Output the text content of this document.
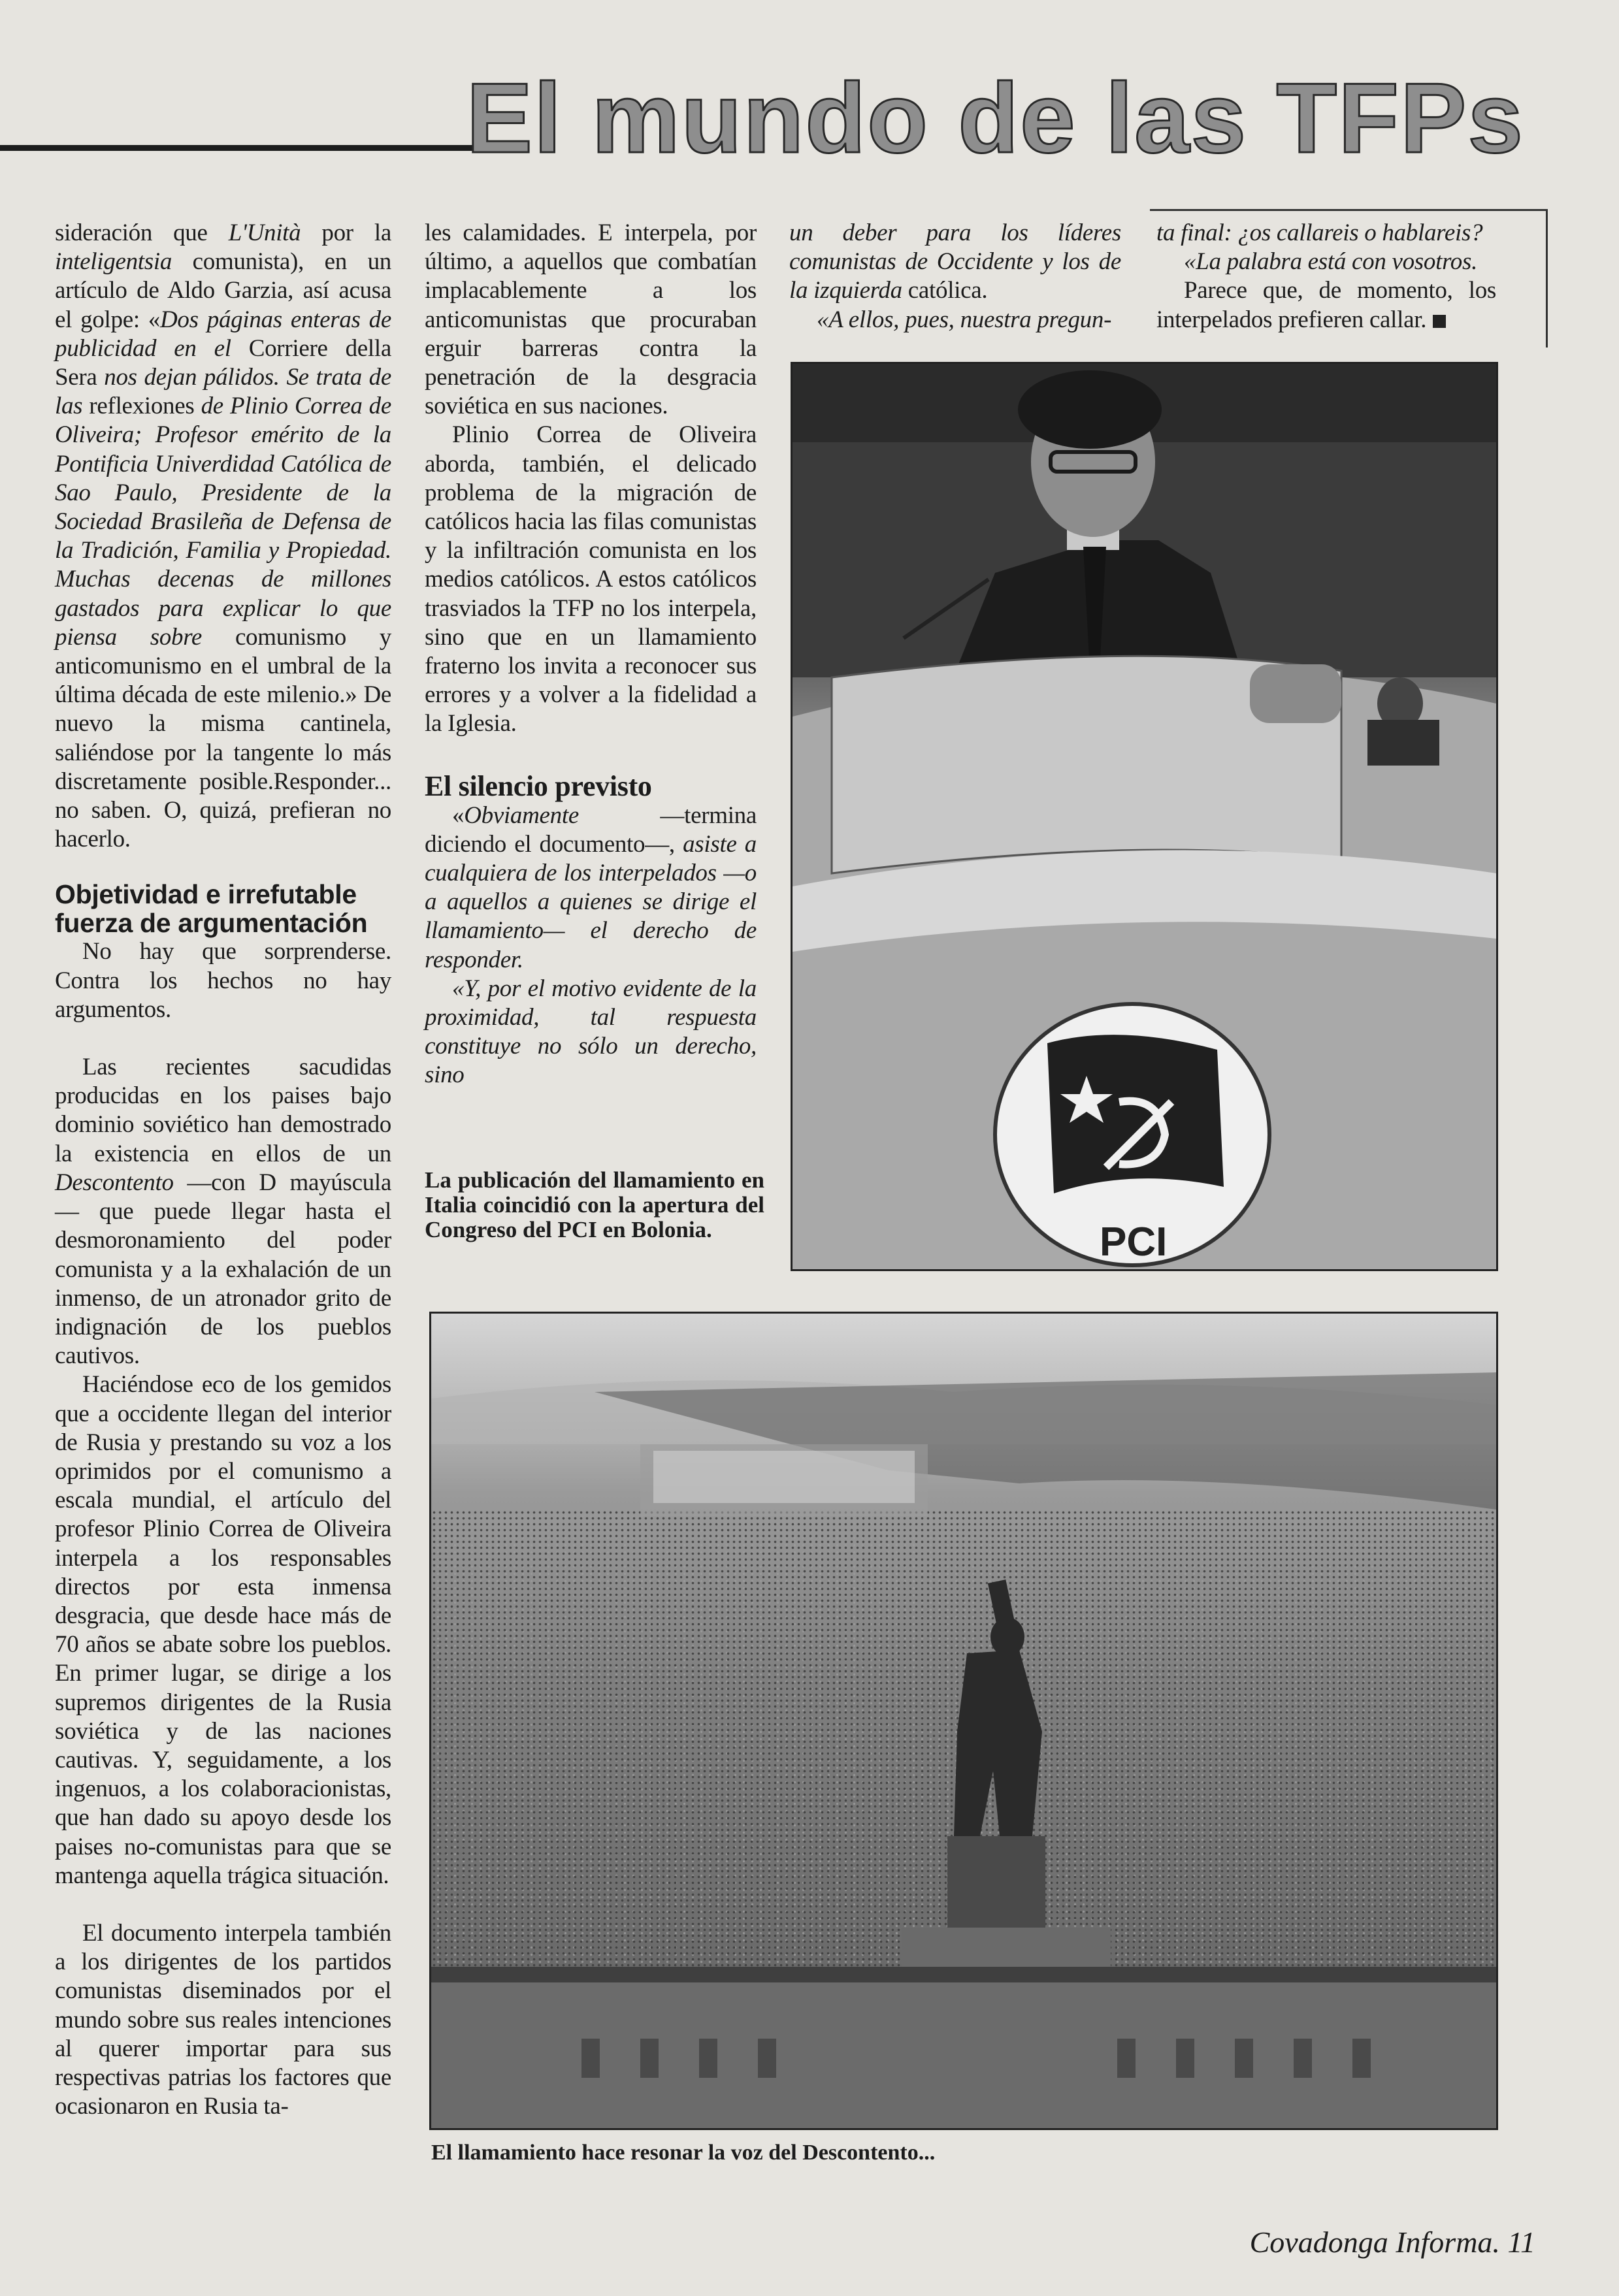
El mundo de las TFPs

sideración que L'Unità por la inteligentsia comunista), en un artículo de Aldo Garzia, así acusa el golpe: «Dos páginas enteras de publicidad en el Corriere della Sera nos dejan pálidos. Se trata de las reflexiones de Plinio Correa de Oliveira; Profesor emérito de la Pontificia Univerdidad Católica de Sao Paulo, Presidente de la Sociedad Brasileña de Defensa de la Tradición, Familia y Propiedad. Muchas decenas de millones gastados para explicar lo que piensa sobre comunismo y anticomunismo en el umbral de la última década de este milenio.» De nuevo la misma cantinela, saliéndose por la tangente lo más discretamente posible.Responder... no saben. O, quizá, prefieran no hacerlo.

Objetividad e irrefutable fuerza de argumentación

No hay que sorprenderse. Contra los hechos no hay argumentos.

Las recientes sacudidas producidas en los paises bajo dominio soviético han demostrado la existencia en ellos de un Descontento —con D mayúscula— que puede llegar hasta el desmoronamiento del poder comunista y a la exhalación de un inmenso, de un atronador grito de indignación de los pueblos cautivos.

Haciéndose eco de los gemidos que a occidente llegan del interior de Rusia y prestando su voz a los oprimidos por el comunismo a escala mundial, el artículo del profesor Plinio Correa de Oliveira interpela a los responsables directos por esta inmensa desgracia, que desde hace más de 70 años se abate sobre los pueblos. En primer lugar, se dirige a los supremos dirigentes de la Rusia soviética y de las naciones cautivas. Y, seguidamente, a los ingenuos, a los colaboracionistas, que han dado su apoyo desde los paises no-comunistas para que se mantenga aquella trágica situación.

El documento interpela también a los dirigentes de los partidos comunistas diseminados por el mundo sobre sus reales intenciones al querer importar para sus respectivas patrias los factores que ocasionaron en Rusia ta-

les calamidades. E interpela, por último, a aquellos que combatían implacablemente a los anticomunistas que procuraban erguir barreras contra la penetración de la desgracia soviética en sus naciones.

Plinio Correa de Oliveira aborda, también, el delicado problema de la migración de católicos hacia las filas comunistas y la infiltración comunista en los medios católicos. A estos católicos trasviados la TFP no los interpela, sino que en un llamamiento fraterno los invita a reconocer sus errores y a volver a la fidelidad a la Iglesia.

El silencio previsto

«Obviamente —termina diciendo el documento—, asiste a cualquiera de los interpelados —o a aquellos a quienes se dirige el llamamiento— el derecho de responder.

«Y, por el motivo evidente de la proximidad, tal respuesta constituye no sólo un derecho, sino

un deber para los líderes comunistas de Occidente y los de la izquierda católica.

«A ellos, pues, nuestra pregun-

ta final: ¿os callareis o hablareis?

«La palabra está con vosotros.

Parece que, de momento, los interpelados prefieren callar.

PCI
La publicación del llamamiento en Italia coincidió con la apertura del Congreso del PCI en Bolonia.
El llamamiento hace resonar la voz del Descontento...
Covadonga Informa. 11
